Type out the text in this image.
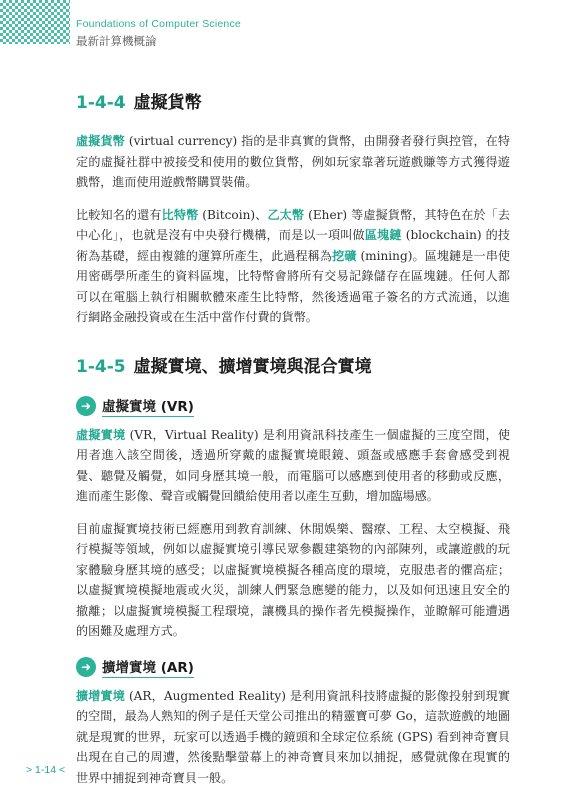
Foundations of Computer Science
最新計算機概論
1-4-4 虛擬貨幣

虛擬貨幣 (virtual currency) 指的是非真實的貨幣，由開發者發行與控管，在特定的虛擬社群中被接受和使用的數位貨幣，例如玩家靠著玩遊戲賺等方式獲得遊戲幣，進而使用遊戲幣購買裝備。

比較知名的還有比特幣 (Bitcoin)、乙太幣 (Eher) 等虛擬貨幣，其特色在於「去中心化」，也就是沒有中央發行機構，而是以一項叫做區塊鏈 (blockchain) 的技術為基礎，經由複雜的運算所產生，此過程稱為挖礦 (mining)。區塊鏈是一串使用密碼學所產生的資料區塊，比特幣會將所有交易記錄儲存在區塊鏈。任何人都可以在電腦上執行相關軟體來產生比特幣，然後透過電子簽名的方式流通，以進行網路金融投資或在生活中當作付費的貨幣。

1-4-5 虛擬實境、擴增實境與混合實境
➜ 虛擬實境 (VR)

虛擬實境 (VR，Virtual Reality) 是利用資訊科技產生一個虛擬的三度空間，使用者進入該空間後，透過所穿戴的虛擬實境眼鏡、頭盔或感應手套會感受到視覺、聽覺及觸覺，如同身歷其境一般，而電腦可以感應到使用者的移動或反應，進而產生影像、聲音或觸覺回饋給使用者以產生互動，增加臨場感。

目前虛擬實境技術已經應用到教育訓練、休閒娛樂、醫療、工程、太空模擬、飛行模擬等領域，例如以虛擬實境引導民眾參觀建築物的內部陳列，或讓遊戲的玩家體驗身歷其境的感受；以虛擬實境模擬各種高度的環境，克服患者的懼高症；以虛擬實境模擬地震或火災，訓練人們緊急應變的能力，以及如何迅速且安全的撤離；以虛擬實境模擬工程環境，讓機具的操作者先模擬操作，並瞭解可能遭遇的困難及處理方式。

➜ 擴增實境 (AR)

擴增實境 (AR，Augmented Reality) 是利用資訊科技將虛擬的影像投射到現實的空間，最為人熟知的例子是任天堂公司推出的精靈寶可夢 Go，這款遊戲的地圖就是現實的世界，玩家可以透過手機的鏡頭和全球定位系統 (GPS) 看到神奇寶貝出現在自己的周遭，然後點擊螢幕上的神奇寶貝來加以捕捉，感覺就像在現實的世界中捕捉到神奇寶貝一般。

> 1-14 <
